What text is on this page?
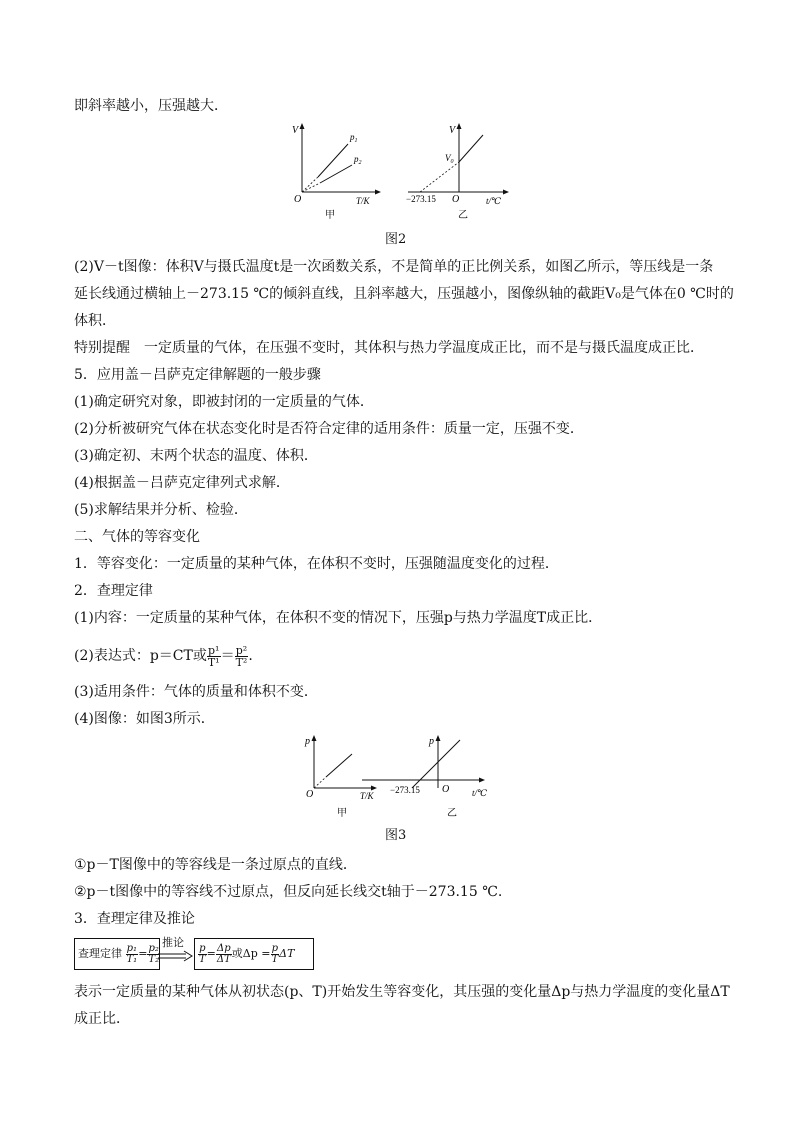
即斜率越小，压强越大．
V
O	T/K
$p_1$
$p_2$
甲
V
$V_0$
O
−273.15	t/℃
乙
图2
(2)V－t图像：体积V与摄氏温度t是一次函数关系，不是简单的正比例关系，如图乙所示，等压线是一条
延长线通过横轴上－273.15 ℃的倾斜直线，且斜率越大，压强越小，图像纵轴的截距V₀是气体在0 ℃时的
体积．
特别提醒　一定质量的气体，在压强不变时，其体积与热力学温度成正比，而不是与摄氏温度成正比．
5．应用盖－吕萨克定律解题的一般步骤
(1)确定研究对象，即被封闭的一定质量的气体．
(2)分析被研究气体在状态变化时是否符合定律的适用条件：质量一定，压强不变．
(3)确定初、末两个状态的温度、体积．
(4)根据盖－吕萨克定律列式求解．
(5)求解结果并分析、检验．
二、气体的等容变化
1．等容变化：一定质量的某种气体，在体积不变时，压强随温度变化的过程．
2．查理定律
(1)内容：一定质量的某种气体，在体积不变的情况下，压强p与热力学温度T成正比．
(2)表达式：p＝CT或 $\frac{\text{p¹}}{\text{T¹}} = \frac{\text{p²}}{\text{T²}}$ .
(3)适用条件：气体的质量和体积不变．
(4)图像：如图3所示．
p
O	T/K
甲
p
O
−273.15	t/℃
乙
图3
①p－T图像中的等容线是一条过原点的直线．
②p－t图像中的等容线不过原点，但反向延长线交t轴于－273.15 ℃.
3．查理定律及推论
查理定律 $\frac{\text{p₁}}{\text{T₁}} = \frac{\text{p₂}}{\text{T₂}}$
推论
$\frac{p}{T} = \frac{\Delta p}{\Delta T}$ 或$\Delta p = \frac{p}{T}$ ΔT
表示一定质量的某种气体从初状态(p、T)开始发生等容变化，其压强的变化量Δp与热力学温度的变化量ΔT
成正比．
